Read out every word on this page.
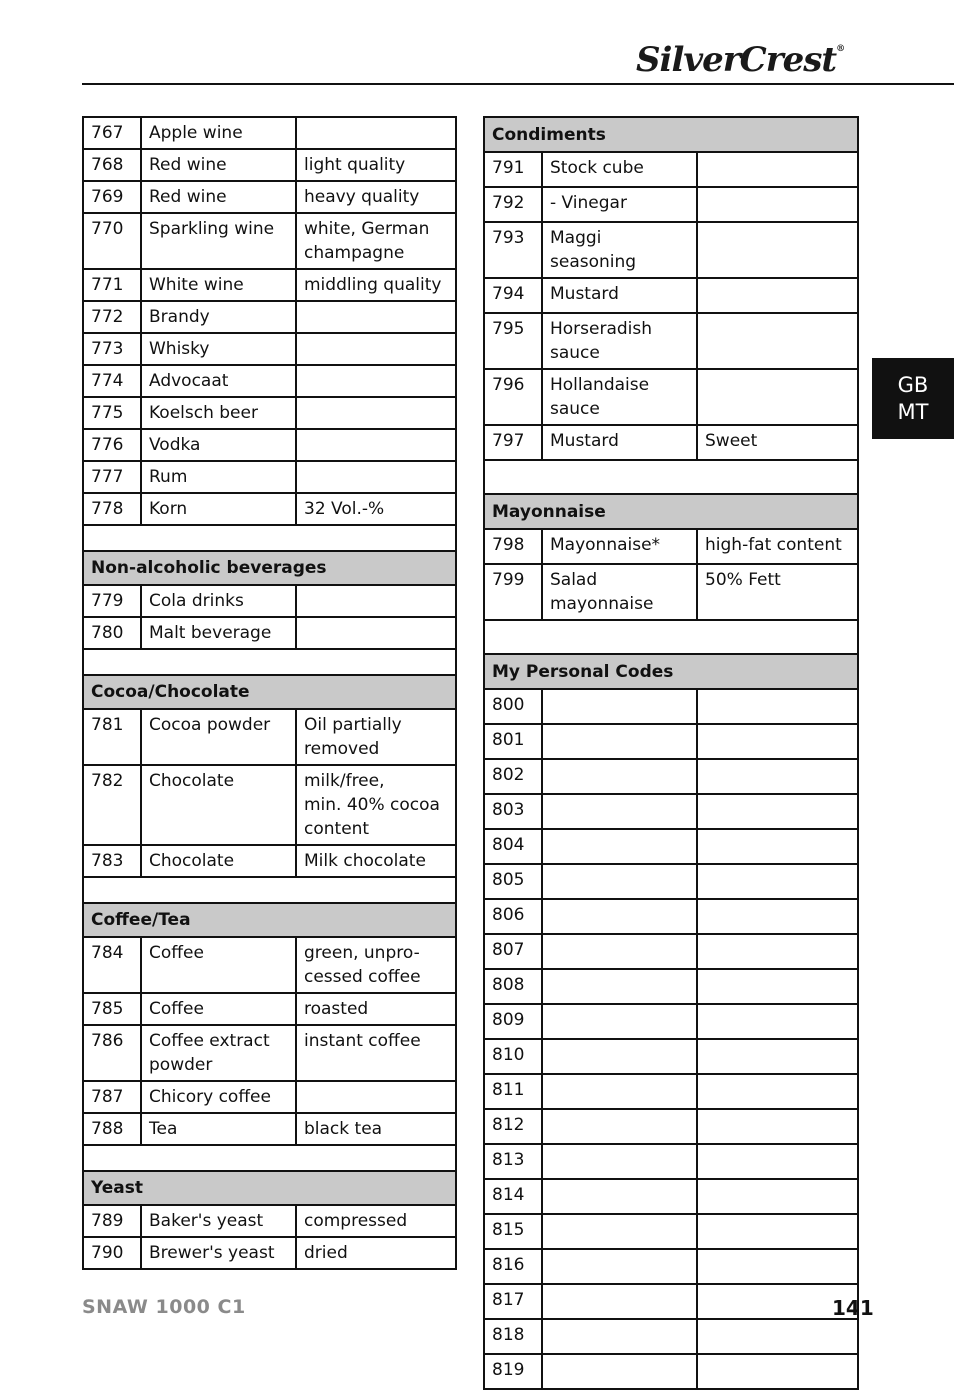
SilverCrest®
GB
MT
767	Apple wine	
768	Red wine	light quality
769	Red wine	heavy quality
770	Sparkling wine	white, German champagne
771	White wine	middling quality
772	Brandy	
773	Whisky	
774	Advocaat	
775	Koelsch beer	
776	Vodka	
777	Rum	
778	Korn	32 Vol.-%

Non-alcoholic beverages		
779	Cola drinks	
780	Malt beverage	

Cocoa/Chocolate		
781	Cocoa powder	Oil partially removed
782	Chocolate	milk/free,
min. 40% cocoa content
783	Chocolate	Milk chocolate

Coffee/Tea		
784	Coffee	green, unpro-cessed coffee
785	Coffee	roasted
786	Coffee extract powder	instant coffee
787	Chicory coffee	
788	Tea	black tea

Yeast		
789	Baker's yeast	compressed
790	Brewer's yeast	dried
Condiments		
791	Stock cube	
792	- Vinegar	
793	Maggi seasoning	
794	Mustard	
795	Horseradish sauce	
796	Hollandaise sauce	
797	Mustard	Sweet

Mayonnaise		
798	Mayonnaise*	high-fat content
799	Salad mayonnaise	50% Fett

My Personal Codes		
800		
801		
802		
803		
804		
805		
806		
807		
808		
809		
810		
811		
812		
813		
814		
815		
816		
817		
818		
819		
SNAW 1000 C1	141
